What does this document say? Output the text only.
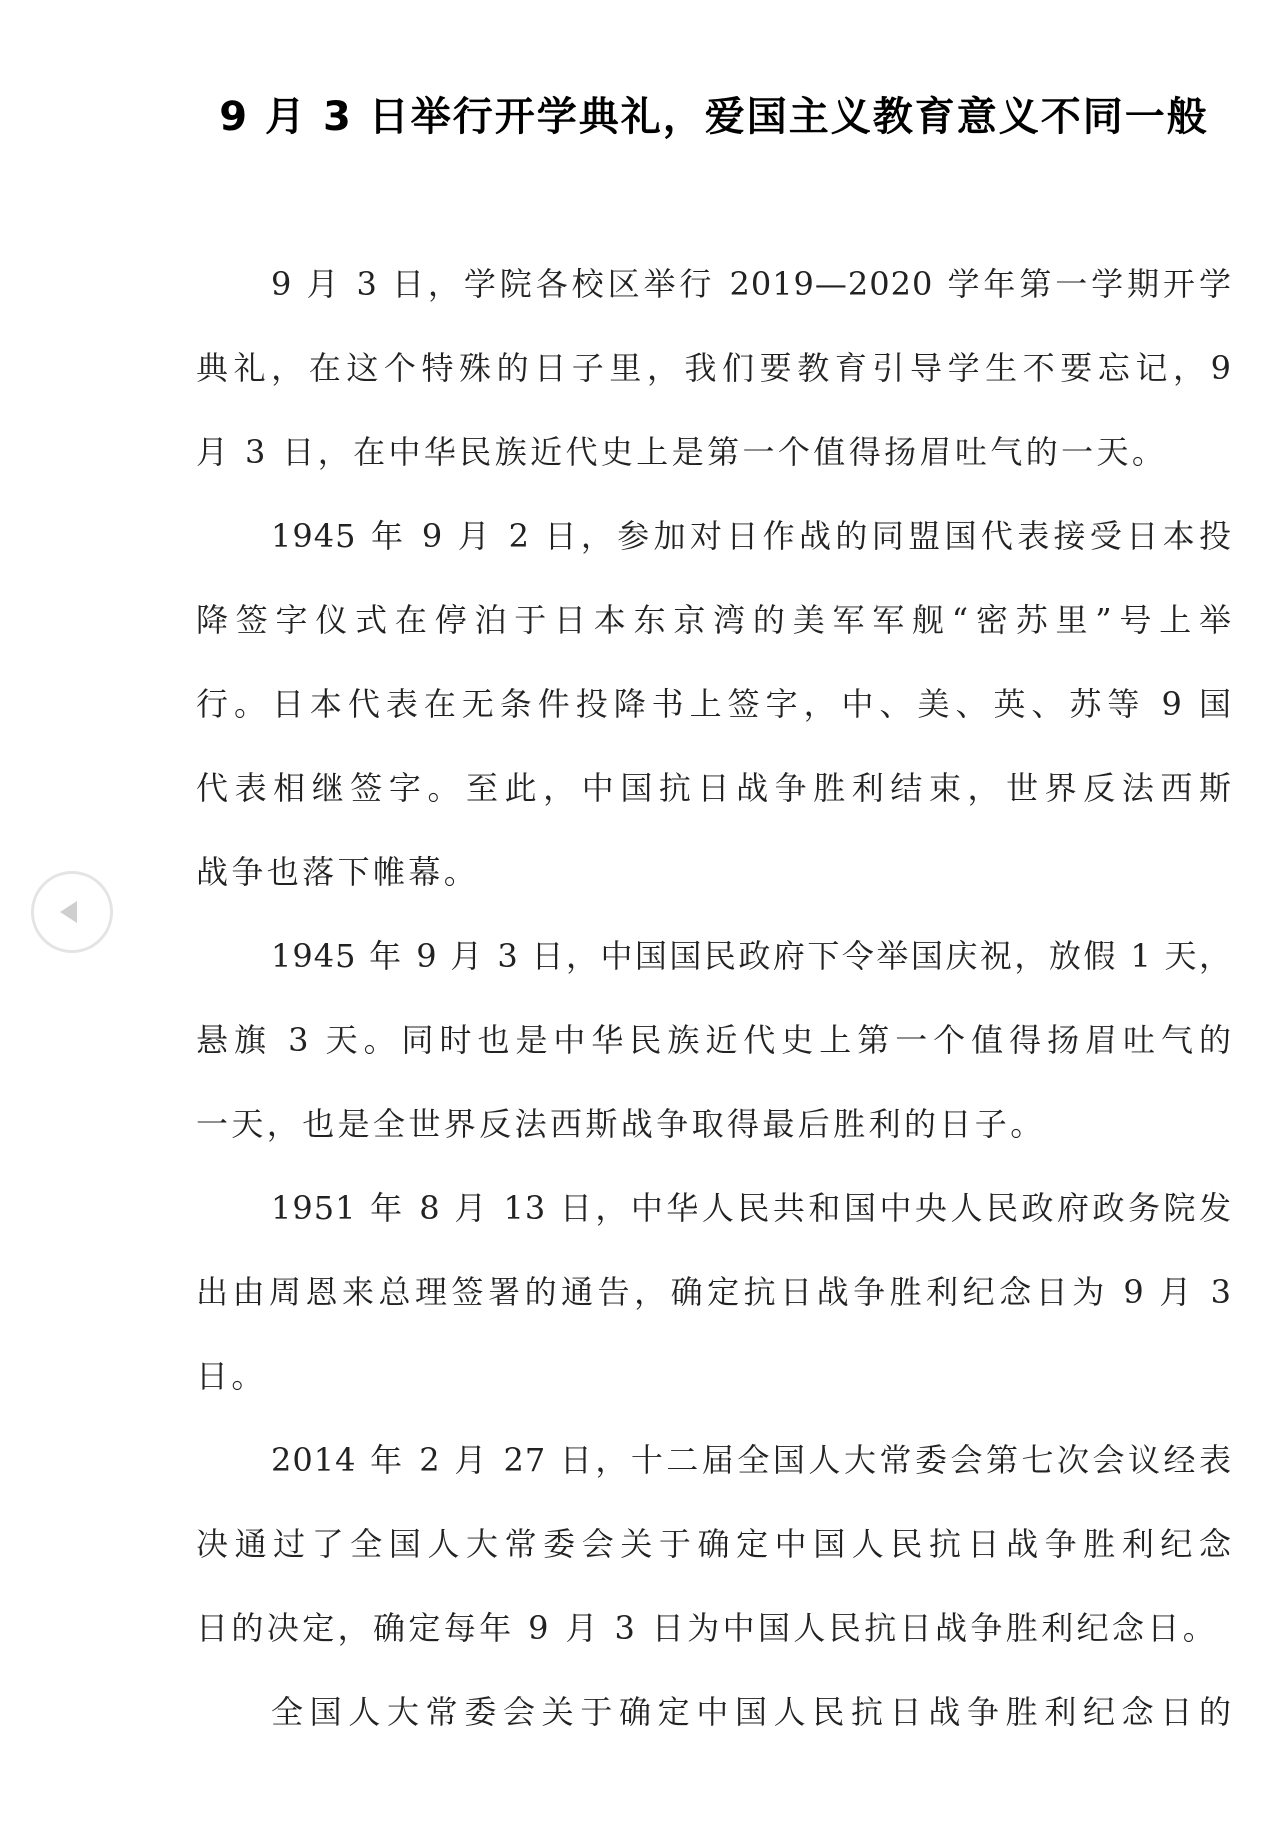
9 月 3 日举行开学典礼，爱国主义教育意义不同一般
9 月 3 日，学院各校区举行 2019—2020 学年第一学期开学
典礼，在这个特殊的日子里，我们要教育引导学生不要忘记，9
月 3 日，在中华民族近代史上是第一个值得扬眉吐气的一天。
1945 年 9 月 2 日，参加对日作战的同盟国代表接受日本投
降签字仪式在停泊于日本东京湾的美军军舰“密苏里”号上举
行。日本代表在无条件投降书上签字，中、美、英、苏等 9 国
代表相继签字。至此，中国抗日战争胜利结束，世界反法西斯
战争也落下帷幕。
1945 年 9 月 3 日，中国国民政府下令举国庆祝，放假 1 天，
悬旗 3 天。同时也是中华民族近代史上第一个值得扬眉吐气的
一天，也是全世界反法西斯战争取得最后胜利的日子。
1951 年 8 月 13 日，中华人民共和国中央人民政府政务院发
出由周恩来总理签署的通告，确定抗日战争胜利纪念日为 9 月 3
日。
2014 年 2 月 27 日，十二届全国人大常委会第七次会议经表
决通过了全国人大常委会关于确定中国人民抗日战争胜利纪念
日的决定，确定每年 9 月 3 日为中国人民抗日战争胜利纪念日。
全国人大常委会关于确定中国人民抗日战争胜利纪念日的
